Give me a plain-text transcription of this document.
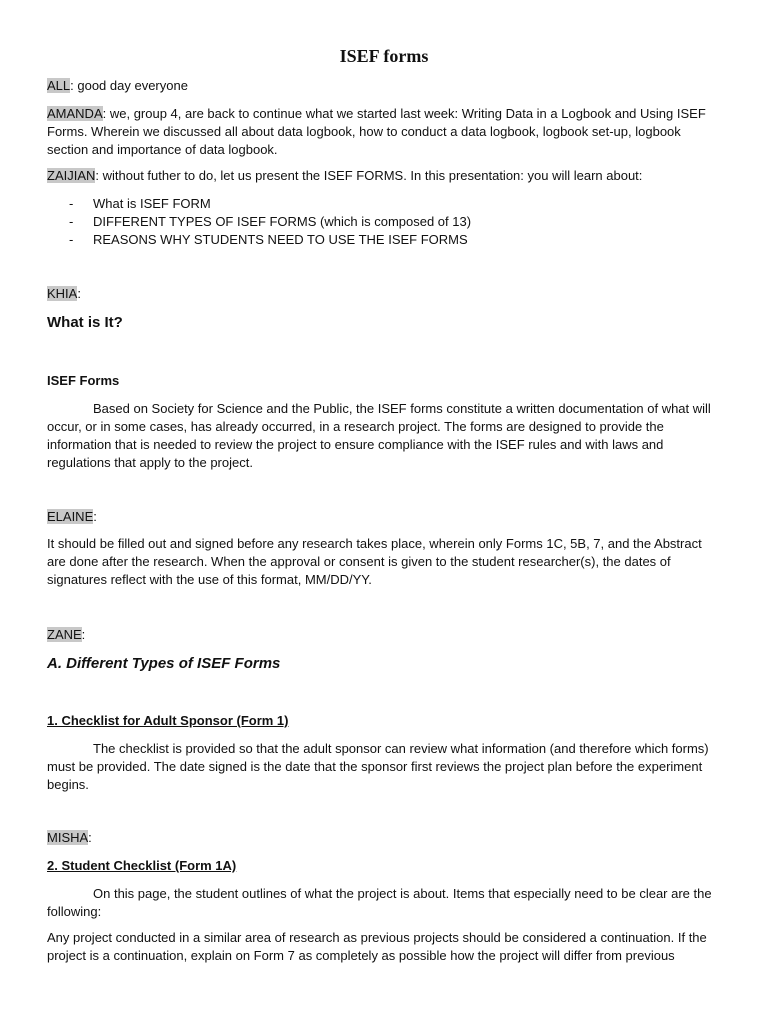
ISEF forms

ALL: good day everyone

AMANDA: we, group 4, are back to continue what we started last week: Writing Data in a Logbook and Using ISEF Forms. Wherein we discussed all about data logbook, how to conduct a data logbook, logbook set-up, logbook section and importance of data logbook.

ZAIJIAN: without futher to do, let us present the ISEF FORMS. In this presentation: you will learn about:

- What is ISEF FORM
- DIFFERENT TYPES OF ISEF FORMS (which is composed of 13)
- REASONS WHY STUDENTS NEED TO USE THE ISEF FORMS

KHIA:

What is It?

ISEF Forms

Based on Society for Science and the Public, the ISEF forms constitute a written documentation of what will occur, or in some cases, has already occurred, in a research project. The forms are designed to provide the information that is needed to review the project to ensure compliance with the ISEF rules and with laws and regulations that apply to the project.

ELAINE:

It should be filled out and signed before any research takes place, wherein only Forms 1C, 5B, 7, and the Abstract are done after the research. When the approval or consent is given to the student researcher(s), the dates of signatures reflect with the use of this format, MM/DD/YY.

ZANE:

A. Different Types of ISEF Forms

1. Checklist for Adult Sponsor (Form 1)

The checklist is provided so that the adult sponsor can review what information (and therefore which forms) must be provided. The date signed is the date that the sponsor first reviews the project plan before the experiment begins.

MISHA:

2. Student Checklist (Form 1A)

On this page, the student outlines of what the project is about. Items that especially need to be clear are the following:

Any project conducted in a similar area of research as previous projects should be considered a continuation. If the project is a continuation, explain on Form 7 as completely as possible how the project will differ from previous
